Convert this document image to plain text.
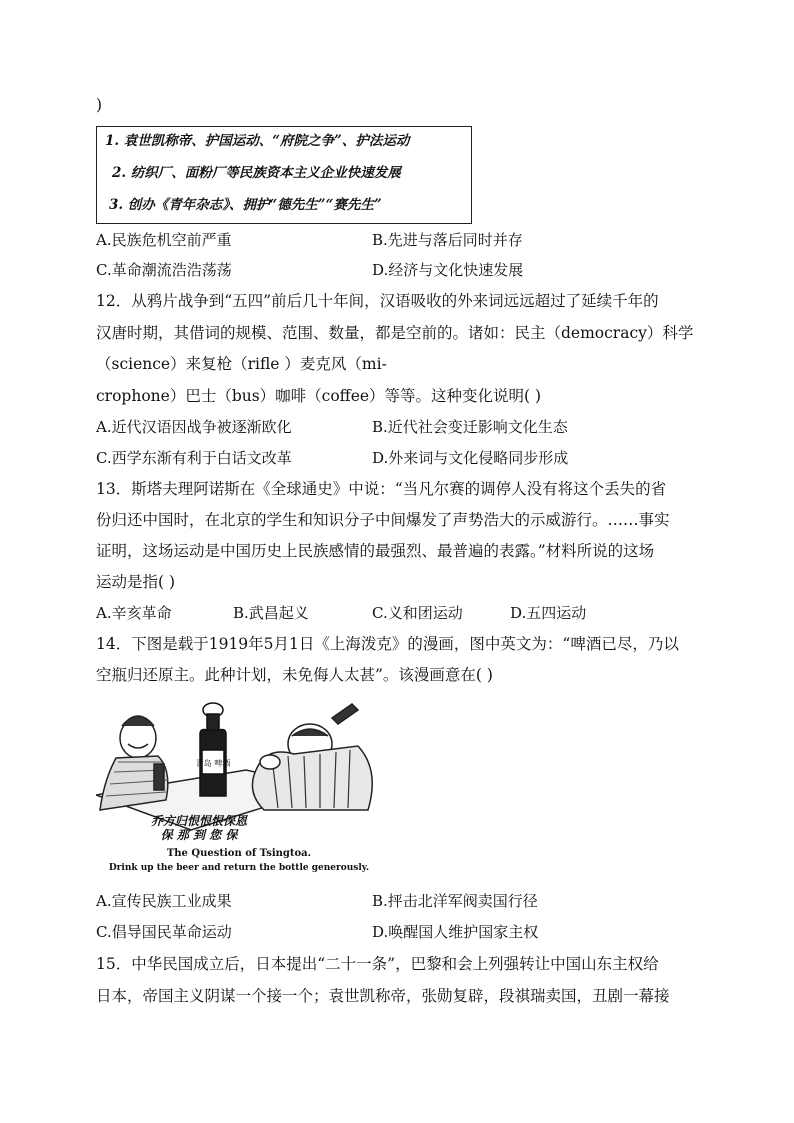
)
1. 袁世凯称帝、护国运动、“府院之争”、护法运动
2. 纺织厂、面粉厂等民族资本主义企业快速发展
3. 创办《青年杂志》、拥护“德先生”“赛先生”
A.民族危机空前严重	B.先进与落后同时并存
C.革命潮流浩浩荡荡	D.经济与文化快速发展
12．从鸦片战争到“五四”前后几十年间，汉语吸收的外来词远远超过了延续千年的
汉唐时期，其借词的规模、范围、数量，都是空前的。诸如：民主（democracy）科学
（science）来复枪（rifle ）麦克风（mi-
crophone）巴士（bus）咖啡（coffee）等等。这种变化说明( )
A.近代汉语因战争被逐渐欧化	B.近代社会变迁影响文化生态
C.西学东渐有利于白话文改革	D.外来词与文化侵略同步形成
13．斯塔夫理阿诺斯在《全球通史》中说：“当凡尔赛的调停人没有将这个丢失的省
份归还中国时，在北京的学生和知识分子中间爆发了声势浩大的示威游行。……事实
证明，这场运动是中国历史上民族感情的最强烈、最普遍的表露。”材料所说的这场
运动是指( )
A.辛亥革命	B.武昌起义	C.义和团运动	D.五四运动
14．下图是载于1919年5月1日《上海泼克》的漫画，图中英文为：“啤酒已尽，乃以
空瓶归还原主。此种计划，未免侮人太甚”。该漫画意在( )
青岛 啤酒
乔方归恨恨恨保恩
保 那 到 您 保
The Question of Tsingtoa.
Drink up the beer and return the bottle generously.
A.宣传民族工业成果	B.抨击北洋军阀卖国行径
C.倡导国民革命运动	D.唤醒国人维护国家主权
15．中华民国成立后，日本提出“二十一条”，巴黎和会上列强转让中国山东主权给
日本，帝国主义阴谋一个接一个；袁世凯称帝，张勋复辟，段祺瑞卖国，丑剧一幕接
